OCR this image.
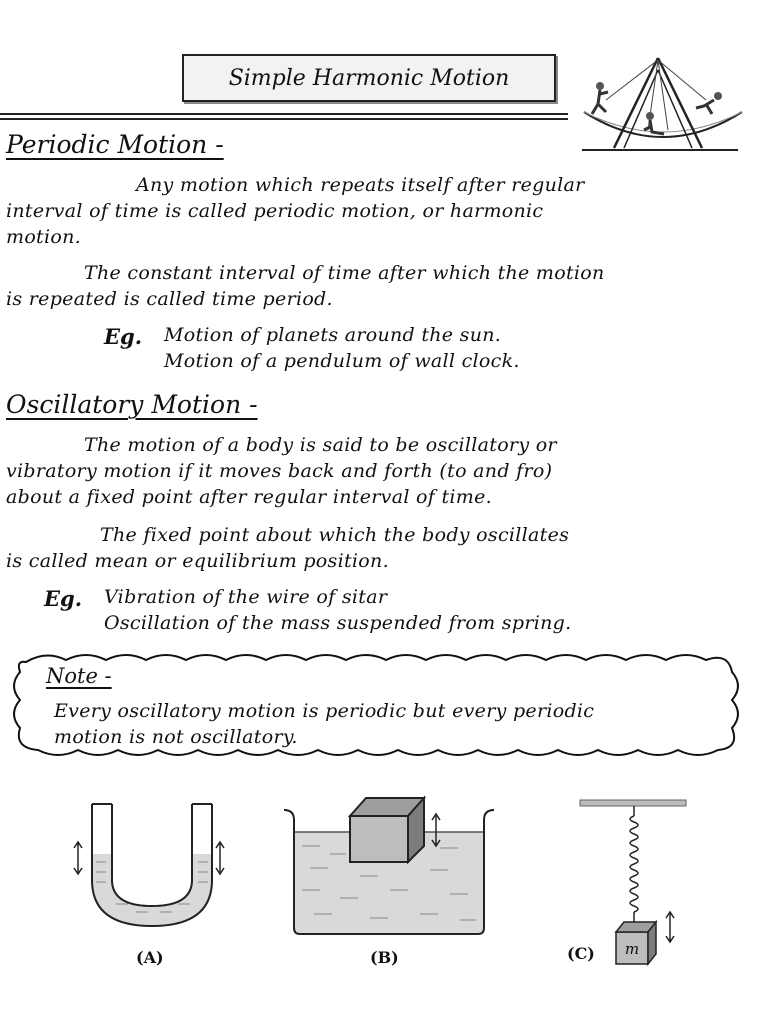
Simple Harmonic Motion
Periodic Motion -
Any motion which repeats itself after regular
interval of time is called periodic motion, or harmonic
motion.
The constant interval of time after which the motion
is repeated is called time period.
Eg. Motion of planets around the sun.
Motion of a pendulum of wall clock.
Oscillatory Motion -
The motion of a body is said to be oscillatory or
vibratory motion if it moves back and forth (to and fro)
about a fixed point after regular interval of time.
The fixed point about which the body oscillates
is called mean or equilibrium position.
Eg. Vibration of the wire of sitar
Oscillation of the mass suspended from spring.
Note -
Every oscillatory motion is periodic but every periodic
motion is not oscillatory.
(A)	(B)	m
(C)
